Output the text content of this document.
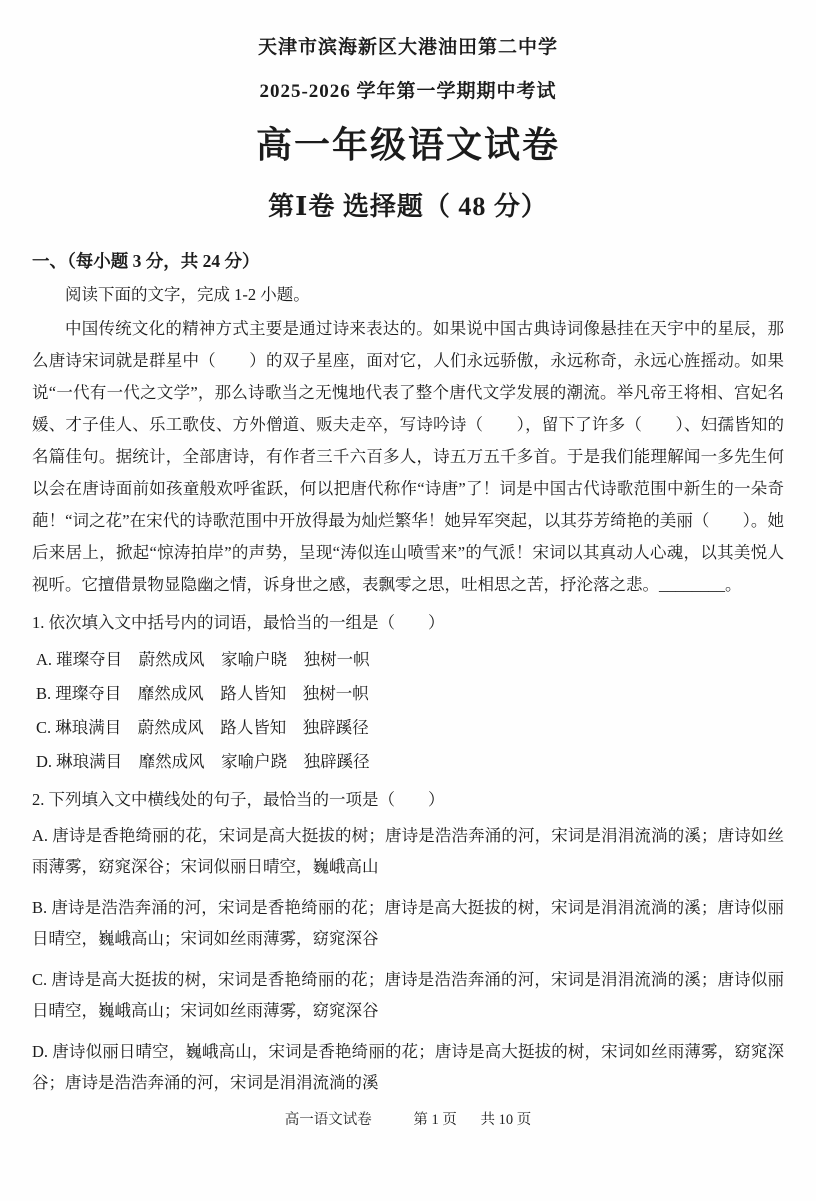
天津市滨海新区大港油田第二中学
2025-2026 学年第一学期期中考试
高一年级语文试卷
第Ⅰ卷 选择题（ 48 分）

一、（每小题 3 分，共 24 分）

阅读下面的文字，完成 1-2 小题。

中国传统文化的精神方式主要是通过诗来表达的。如果说中国古典诗词像悬挂在天宇中的星辰，那么唐诗宋词就是群星中（　　）的双子星座，面对它，人们永远骄傲，永远称奇，永远心旌摇动。如果说“一代有一代之文学”，那么诗歌当之无愧地代表了整个唐代文学发展的潮流。举凡帝王将相、宫妃名媛、才子佳人、乐工歌伎、方外僧道、贩夫走卒，写诗吟诗（　　），留下了许多（　　）、妇孺皆知的名篇佳句。据统计，全部唐诗，有作者三千六百多人，诗五万五千多首。于是我们能理解闻一多先生何以会在唐诗面前如孩童般欢呼雀跃，何以把唐代称作“诗唐”了！词是中国古代诗歌范围中新生的一朵奇葩！“词之花”在宋代的诗歌范围中开放得最为灿烂繁华！她异军突起，以其芬芳绮艳的美丽（　　）。她后来居上，掀起“惊涛拍岸”的声势，呈现“涛似连山喷雪来”的气派！宋词以其真动人心魂，以其美悦人视听。它擅借景物显隐幽之情，诉身世之感，表飘零之思，吐相思之苦，抒沦落之悲。________。

1. 依次填入文中括号内的词语，最恰当的一组是（　　）

A. 璀璨夺目　蔚然成风　家喻户晓　独树一帜
B. 理璨夺目　靡然成风　路人皆知　独树一帜
C. 琳琅满目　蔚然成风　路人皆知　独辟蹊径
D. 琳琅满目　靡然成风　家喻户跷　独辟蹊径

2. 下列填入文中横线处的句子，最恰当的一项是（　　）

A. 唐诗是香艳绮丽的花，宋词是高大挺拔的树；唐诗是浩浩奔涌的河，宋词是涓涓流淌的溪；唐诗如丝雨薄雾，窈窕深谷；宋词似丽日晴空，巍峨高山

B. 唐诗是浩浩奔涌的河，宋词是香艳绮丽的花；唐诗是高大挺拔的树，宋词是涓涓流淌的溪；唐诗似丽日晴空，巍峨高山；宋词如丝雨薄雾，窈窕深谷

C. 唐诗是高大挺拔的树，宋词是香艳绮丽的花；唐诗是浩浩奔涌的河，宋词是涓涓流淌的溪；唐诗似丽日晴空，巍峨高山；宋词如丝雨薄雾，窈窕深谷

D. 唐诗似丽日晴空，巍峨高山，宋词是香艳绮丽的花；唐诗是高大挺拔的树，宋词如丝雨薄雾，窈窕深谷；唐诗是浩浩奔涌的河，宋词是涓涓流淌的溪

高一语文试卷	第 1 页 共 10 页
